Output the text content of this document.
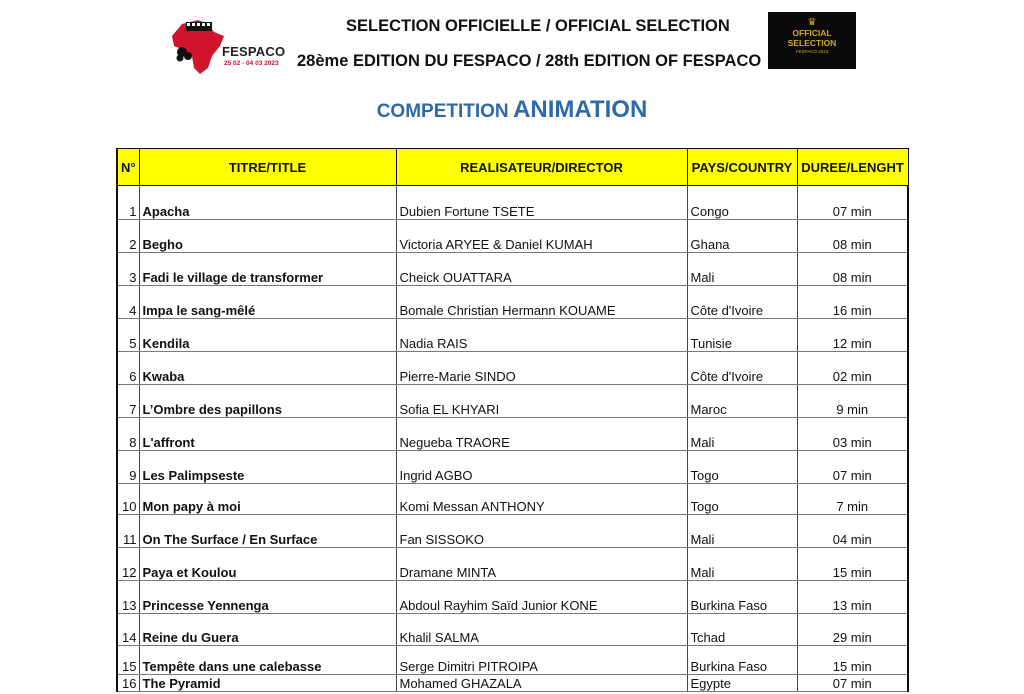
FESPACO
25 02 - 04 03 2023
SELECTION OFFICIELLE / OFFICIAL SELECTION
28ème EDITION DU FESPACO / 28th EDITION OF FESPACO
♛
OFFICIAL
SELECTION
FESPACO 2023
COMPETITION ANIMATION
N°	TITRE/TITLE	REALISATEUR/DIRECTOR	PAYS/COUNTRY	DUREE/LENGHT
1	Apacha	Dubien Fortune TSETE	Congo	07 min
2	Begho	Victoria ARYEE & Daniel KUMAH	Ghana	08 min
3	Fadi le village de transformer	Cheick OUATTARA	Mali	08 min
4	Impa le sang-mêlé	Bomale Christian Hermann KOUAME	Côte d'Ivoire	16 min
5	Kendila	Nadia RAIS	Tunisie	12 min
6	Kwaba	Pierre-Marie SINDO	Côte d'Ivoire	02 min
7	L’Ombre des papillons	Sofia EL KHYARI	Maroc	9 min
8	L'affront	Negueba TRAORE	Mali	03 min
9	Les Palimpseste	Ingrid AGBO	Togo	07 min
10	Mon papy à moi	Komi Messan ANTHONY	Togo	7 min
11	On The Surface / En Surface	Fan SISSOKO	Mali	04 min
12	Paya et Koulou	Dramane MINTA	Mali	15 min
13	Princesse Yennenga	Abdoul Rayhim Saïd Junior KONE	Burkina Faso	13 min
14	Reine du Guera	Khalil SALMA	Tchad	29 min
15	Tempête dans une calebasse	Serge Dimitri PITROIPA	Burkina Faso	15 min
16	The Pyramid	Mohamed GHAZALA	Egypte	07 min
